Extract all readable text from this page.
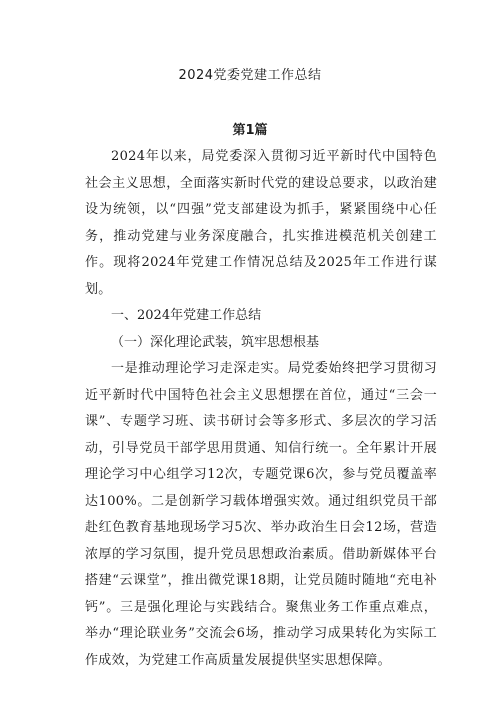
2024党委党建工作总结
第1篇

2024年以来，局党委深入贯彻习近平新时代中国特色社会主义思想，全面落实新时代党的建设总要求，以政治建设为统领，以“四强”党支部建设为抓手，紧紧围绕中心任务，推动党建与业务深度融合，扎实推进模范机关创建工作。现将2024年党建工作情况总结及2025年工作进行谋划。

一、2024年党建工作总结

（一）深化理论武装，筑牢思想根基

一是推动理论学习走深走实。局党委始终把学习贯彻习近平新时代中国特色社会主义思想摆在首位，通过“三会一课”、专题学习班、读书研讨会等多形式、多层次的学习活动，引导党员干部学思用贯通、知信行统一。全年累计开展理论学习中心组学习12次，专题党课6次，参与党员覆盖率达100%。二是创新学习载体增强实效。通过组织党员干部赴红色教育基地现场学习5次、举办政治生日会12场，营造浓厚的学习氛围，提升党员思想政治素质。借助新媒体平台搭建“云课堂”，推出微党课18期，让党员随时随地“充电补钙”。三是强化理论与实践结合。聚焦业务工作重点难点，举办“理论联业务”交流会6场，推动学习成果转化为实际工作成效，为党建工作高质量发展提供坚实思想保障。
